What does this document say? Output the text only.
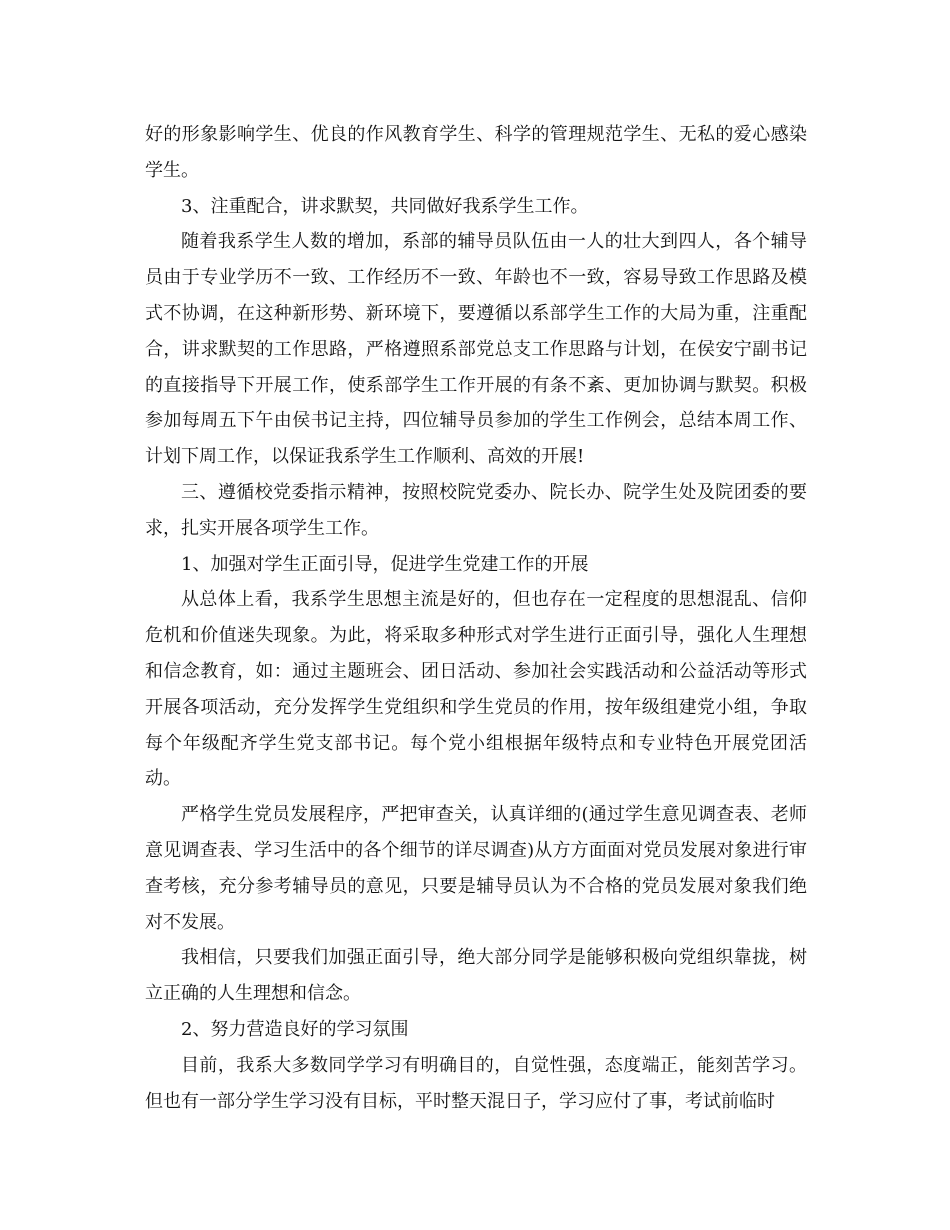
好的形象影响学生、优良的作风教育学生、科学的管理规范学生、无私的爱心感染学生。

3、注重配合，讲求默契，共同做好我系学生工作。

随着我系学生人数的增加，系部的辅导员队伍由一人的壮大到四人，各个辅导员由于专业学历不一致、工作经历不一致、年龄也不一致，容易导致工作思路及模式不协调，在这种新形势、新环境下，要遵循以系部学生工作的大局为重，注重配合，讲求默契的工作思路，严格遵照系部党总支工作思路与计划，在侯安宁副书记的直接指导下开展工作，使系部学生工作开展的有条不紊、更加协调与默契。积极参加每周五下午由侯书记主持，四位辅导员参加的学生工作例会，总结本周工作、计划下周工作，以保证我系学生工作顺利、高效的开展!

三、遵循校党委指示精神，按照校院党委办、院长办、院学生处及院团委的要求，扎实开展各项学生工作。

1、加强对学生正面引导，促进学生党建工作的开展

从总体上看，我系学生思想主流是好的，但也存在一定程度的思想混乱、信仰危机和价值迷失现象。为此，将采取多种形式对学生进行正面引导，强化人生理想和信念教育，如：通过主题班会、团日活动、参加社会实践活动和公益活动等形式开展各项活动，充分发挥学生党组织和学生党员的作用，按年级组建党小组，争取每个年级配齐学生党支部书记。每个党小组根据年级特点和专业特色开展党团活动。

严格学生党员发展程序，严把审查关，认真详细的(通过学生意见调查表、老师意见调查表、学习生活中的各个细节的详尽调查)从方方面面对党员发展对象进行审查考核，充分参考辅导员的意见，只要是辅导员认为不合格的党员发展对象我们绝对不发展。

我相信，只要我们加强正面引导，绝大部分同学是能够积极向党组织靠拢，树立正确的人生理想和信念。

2、努力营造良好的学习氛围

目前，我系大多数同学学习有明确目的，自觉性强，态度端正，能刻苦学习。但也有一部分学生学习没有目标，平时整天混日子，学习应付了事，考试前临时
